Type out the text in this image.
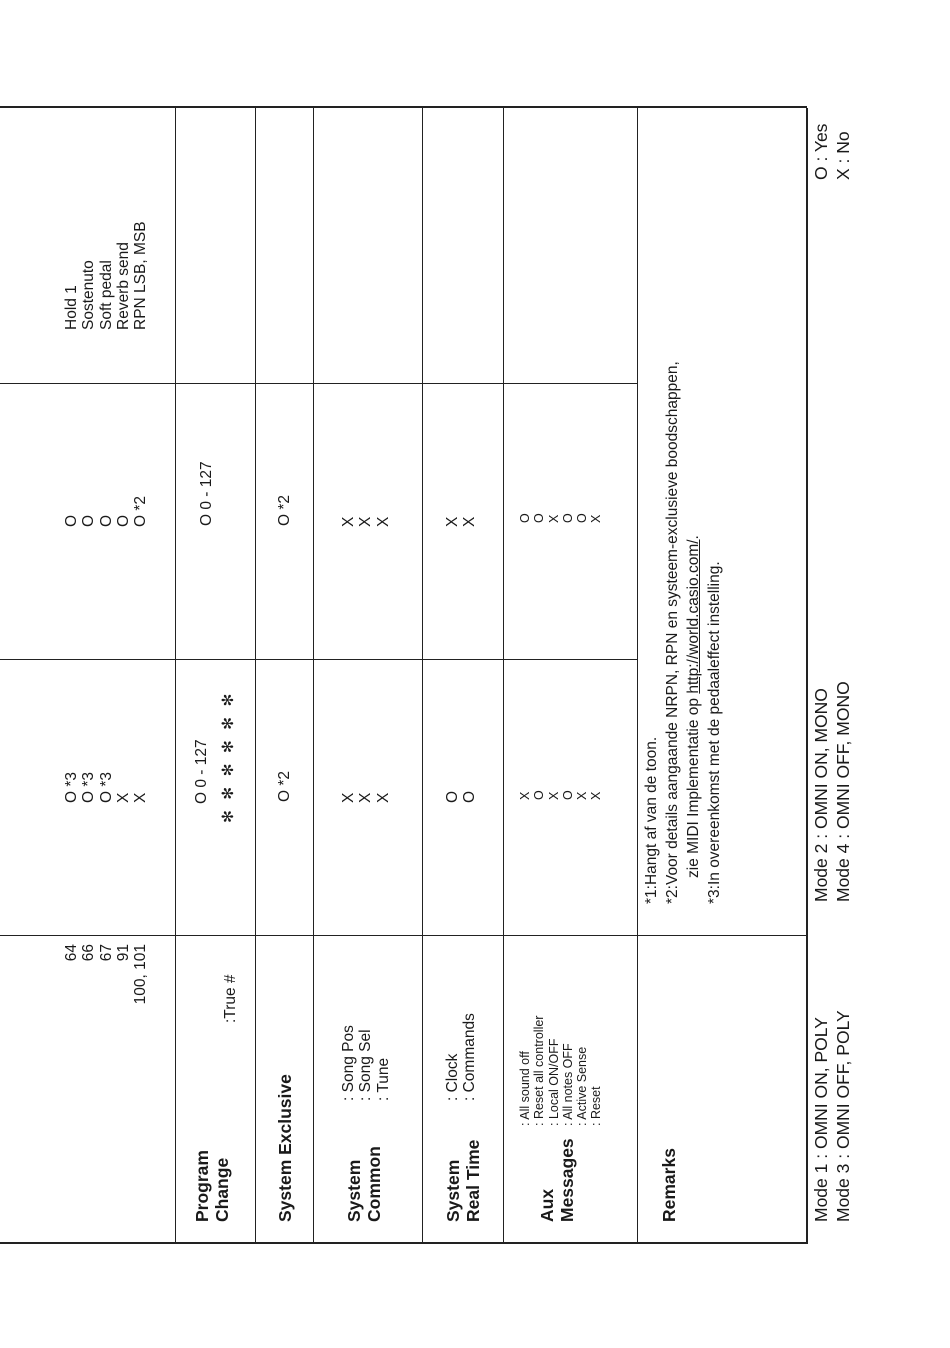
64 66 67 91 100, 101
O *3 O *3 O *3 X X
O O O O O *2
Hold 1 Sostenuto Soft pedal Reverb send RPN LSB, MSB
Program
Change
:True #
O 0 - 127 ✻ ✻ ✻ ✻ ✻ ✻
O 0 - 127
System Exclusive
O *2
O *2
System
Common
: Song Pos : Song Sel : Tune
X X X
X X X
System
Real Time
: Clock : Commands
O O
X X
Aux
Messages
: All sound off : Reset all controller : Local ON/OFF : All notes OFF : Active Sense : Reset
X O X O X X
O O X O O X
Remarks
*1:Hangt af van de toon. *2:Voor details aangaande NRPN, RPN en systeem-exclusieve boodschappen, zie MIDI Implementatie op http://world.casio.com/.
*3:In overeenkomst met de pedaaleffect instelling.
Mode 1 : OMNI ON, POLY Mode 3 : OMNI OFF, POLY
Mode 2 : OMNI ON, MONO Mode 4 : OMNI OFF, MONO
O : Yes X : No
